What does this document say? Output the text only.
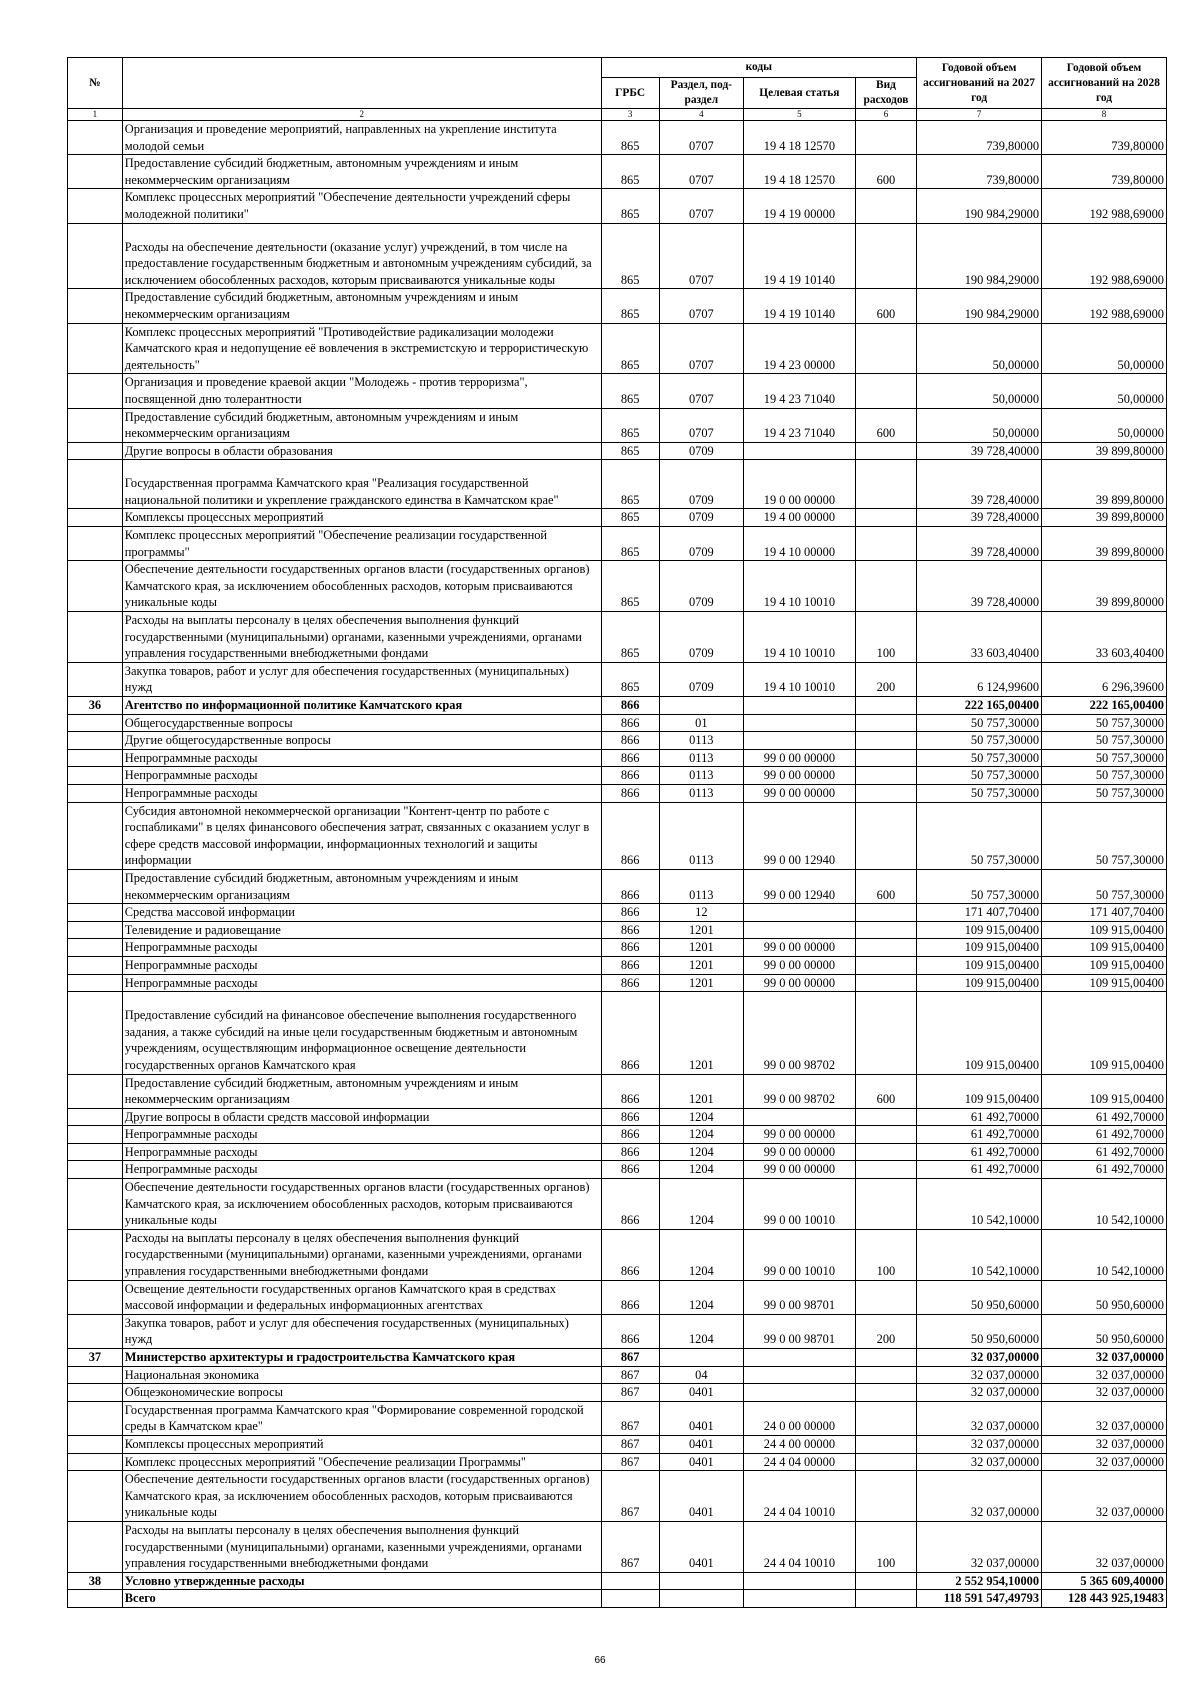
№		коды				Годовой объем ассигнований на 2027 год	Годовой объем ассигнований на 2028 год
		ГРБС	Раздел, под-раздел	Целевая статья	Вид расходов		
1	2	3	4	5	6	7	8
	Организация и проведение мероприятий, направленных на укрепление института молодой семьи	865	0707	19 4 18 12570		739,80000	739,80000
	Предоставление субсидий бюджетным, автономным учреждениям и иным некоммерческим организациям	865	0707	19 4 18 12570	600	739,80000	739,80000
	Комплекс процессных мероприятий "Обеспечение деятельности учреждений сферы молодежной политики"	865	0707	19 4 19 00000		190 984,29000	192 988,69000
	Расходы на обеспечение деятельности (оказание услуг) учреждений, в том числе на предоставление государственным бюджетным и автономным учреждениям субсидий, за исключением обособленных расходов, которым присваиваются уникальные коды	865	0707	19 4 19 10140		190 984,29000	192 988,69000
	Предоставление субсидий бюджетным, автономным учреждениям и иным некоммерческим организациям	865	0707	19 4 19 10140	600	190 984,29000	192 988,69000
	Комплекс процессных мероприятий "Противодействие радикализации молодежи Камчатского края и недопущение её вовлечения в экстремистскую и террористическую деятельность"	865	0707	19 4 23 00000		50,00000	50,00000
	Организация и проведение краевой акции "Молодежь - против терроризма", посвященной дню толерантности	865	0707	19 4 23 71040		50,00000	50,00000
	Предоставление субсидий бюджетным, автономным учреждениям и иным некоммерческим организациям	865	0707	19 4 23 71040	600	50,00000	50,00000
	Другие вопросы в области образования	865	0709			39 728,40000	39 899,80000
	Государственная программа Камчатского края "Реализация государственной национальной политики и укрепление гражданского единства в Камчатском крае"	865	0709	19 0 00 00000		39 728,40000	39 899,80000
	Комплексы процессных мероприятий	865	0709	19 4 00 00000		39 728,40000	39 899,80000
	Комплекс процессных мероприятий "Обеспечение реализации государственной программы"	865	0709	19 4 10 00000		39 728,40000	39 899,80000
	Обеспечение деятельности государственных органов власти (государственных органов) Камчатского края, за исключением обособленных расходов, которым присваиваются уникальные коды	865	0709	19 4 10 10010		39 728,40000	39 899,80000
	Расходы на выплаты персоналу в целях обеспечения выполнения функций государственными (муниципальными) органами, казенными учреждениями, органами управления государственными внебюджетными фондами	865	0709	19 4 10 10010	100	33 603,40400	33 603,40400
	Закупка товаров, работ и услуг для обеспечения государственных (муниципальных) нужд	865	0709	19 4 10 10010	200	6 124,99600	6 296,39600
36	Агентство по информационной политике Камчатского края	866				222 165,00400	222 165,00400
	Общегосударственные вопросы	866	01			50 757,30000	50 757,30000
	Другие общегосударственные вопросы	866	0113			50 757,30000	50 757,30000
	Непрограммные расходы	866	0113	99 0 00 00000		50 757,30000	50 757,30000
	Непрограммные расходы	866	0113	99 0 00 00000		50 757,30000	50 757,30000
	Непрограммные расходы	866	0113	99 0 00 00000		50 757,30000	50 757,30000
	Субсидия автономной некоммерческой организации "Контент-центр по работе с госпабликами" в целях финансового обеспечения затрат, связанных с оказанием услуг в сфере средств массовой информации, информационных технологий и защиты информации	866	0113	99 0 00 12940		50 757,30000	50 757,30000
	Предоставление субсидий бюджетным, автономным учреждениям и иным некоммерческим организациям	866	0113	99 0 00 12940	600	50 757,30000	50 757,30000
	Средства массовой информации	866	12			171 407,70400	171 407,70400
	Телевидение и радиовещание	866	1201			109 915,00400	109 915,00400
	Непрограммные расходы	866	1201	99 0 00 00000		109 915,00400	109 915,00400
	Непрограммные расходы	866	1201	99 0 00 00000		109 915,00400	109 915,00400
	Непрограммные расходы	866	1201	99 0 00 00000		109 915,00400	109 915,00400
	Предоставление субсидий на финансовое обеспечение выполнения государственного задания, а также субсидий на иные цели государственным бюджетным и автономным учреждениям, осуществляющим информационное освещение деятельности государственных органов Камчатского края	866	1201	99 0 00 98702		109 915,00400	109 915,00400
	Предоставление субсидий бюджетным, автономным учреждениям и иным некоммерческим организациям	866	1201	99 0 00 98702	600	109 915,00400	109 915,00400
	Другие вопросы в области средств массовой информации	866	1204			61 492,70000	61 492,70000
	Непрограммные расходы	866	1204	99 0 00 00000		61 492,70000	61 492,70000
	Непрограммные расходы	866	1204	99 0 00 00000		61 492,70000	61 492,70000
	Непрограммные расходы	866	1204	99 0 00 00000		61 492,70000	61 492,70000
	Обеспечение деятельности государственных органов власти (государственных органов) Камчатского края, за исключением обособленных расходов, которым присваиваются уникальные коды	866	1204	99 0 00 10010		10 542,10000	10 542,10000
	Расходы на выплаты персоналу в целях обеспечения выполнения функций государственными (муниципальными) органами, казенными учреждениями, органами управления государственными внебюджетными фондами	866	1204	99 0 00 10010	100	10 542,10000	10 542,10000
	Освещение деятельности государственных органов Камчатского края в средствах массовой информации и федеральных информационных агентствах	866	1204	99 0 00 98701		50 950,60000	50 950,60000
	Закупка товаров, работ и услуг для обеспечения государственных (муниципальных) нужд	866	1204	99 0 00 98701	200	50 950,60000	50 950,60000
37	Министерство архитектуры и градостроительства Камчатского края	867				32 037,00000	32 037,00000
	Национальная экономика	867	04			32 037,00000	32 037,00000
	Общеэкономические вопросы	867	0401			32 037,00000	32 037,00000
	Государственная программа Камчатского края "Формирование современной городской среды в Камчатском крае"	867	0401	24 0 00 00000		32 037,00000	32 037,00000
	Комплексы процессных мероприятий	867	0401	24 4 00 00000		32 037,00000	32 037,00000
	Комплекс процессных мероприятий "Обеспечение реализации Программы"	867	0401	24 4 04 00000		32 037,00000	32 037,00000
	Обеспечение деятельности государственных органов власти (государственных органов) Камчатского края, за исключением обособленных расходов, которым присваиваются уникальные коды	867	0401	24 4 04 10010		32 037,00000	32 037,00000
	Расходы на выплаты персоналу в целях обеспечения выполнения функций государственными (муниципальными) органами, казенными учреждениями, органами управления государственными внебюджетными фондами	867	0401	24 4 04 10010	100	32 037,00000	32 037,00000
38	Условно утвержденные расходы					2 552 954,10000	5 365 609,40000
	Всего					118 591 547,49793	128 443 925,19483
66
